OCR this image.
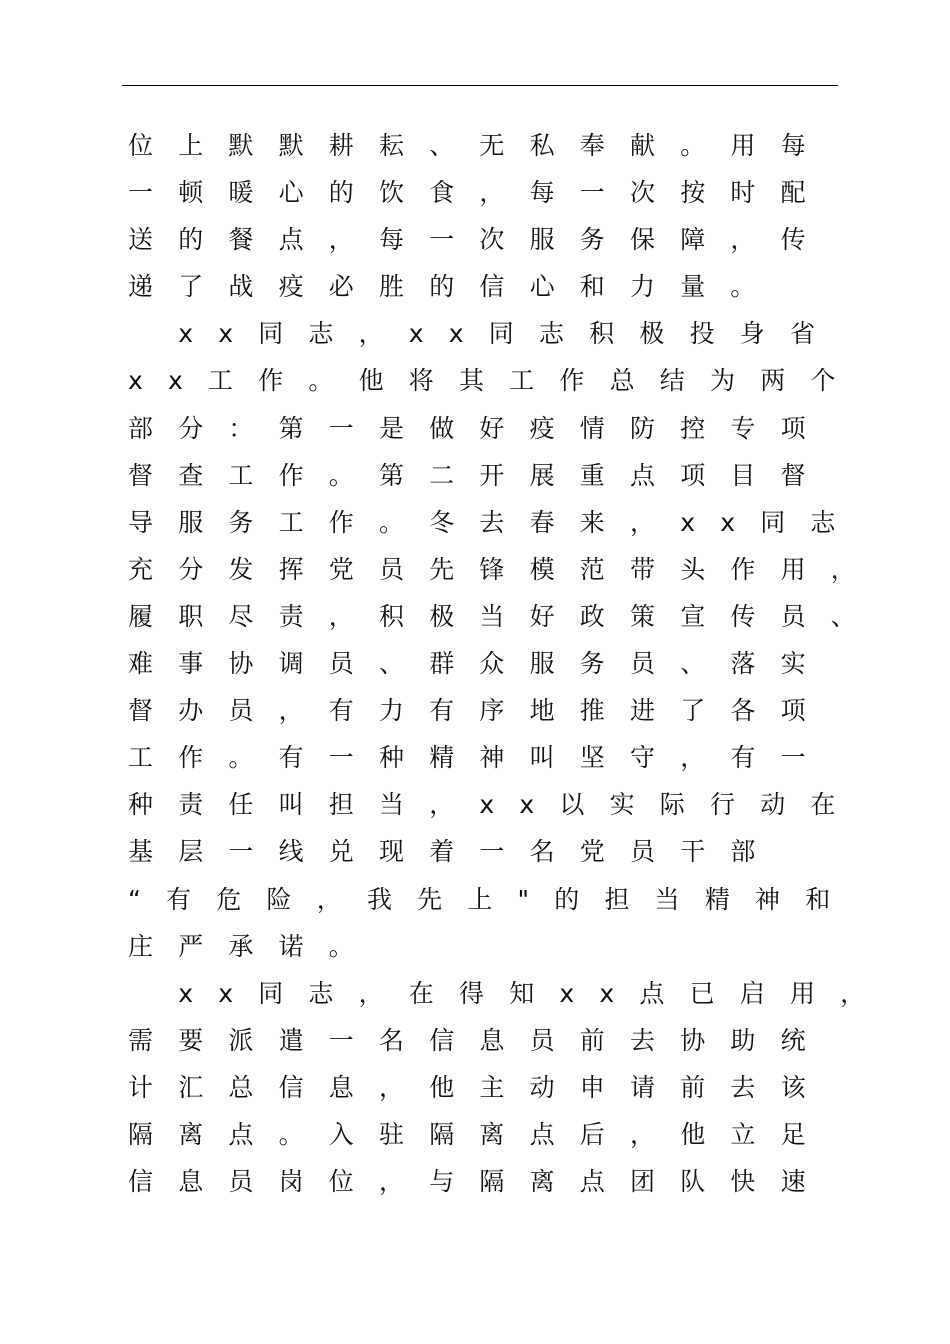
位上默默耕耘、无私奉献。用每
一顿暖心的饮食，每一次按时配
送的餐点，每一次服务保障，传
递了战疫必胜的信心和力量。
　xx同志，xx同志积极投身省
xx工作。他将其工作总结为两个
部分：第一是做好疫情防控专项
督查工作。第二开展重点项目督
导服务工作。冬去春来，xx同志
充分发挥党员先锋模范带头作用，
履职尽责，积极当好政策宣传员、
难事协调员、群众服务员、落实
督办员，有力有序地推进了各项
工作。有一种精神叫坚守，有一
种责任叫担当，xx以实际行动在
基层一线兑现着一名党员干部
“有危险，我先上"的担当精神和
庄严承诺。
　xx同志，在得知xx点已启用，
需要派遣一名信息员前去协助统
计汇总信息，他主动申请前去该
隔离点。入驻隔离点后，他立足
信息员岗位，与隔离点团队快速
